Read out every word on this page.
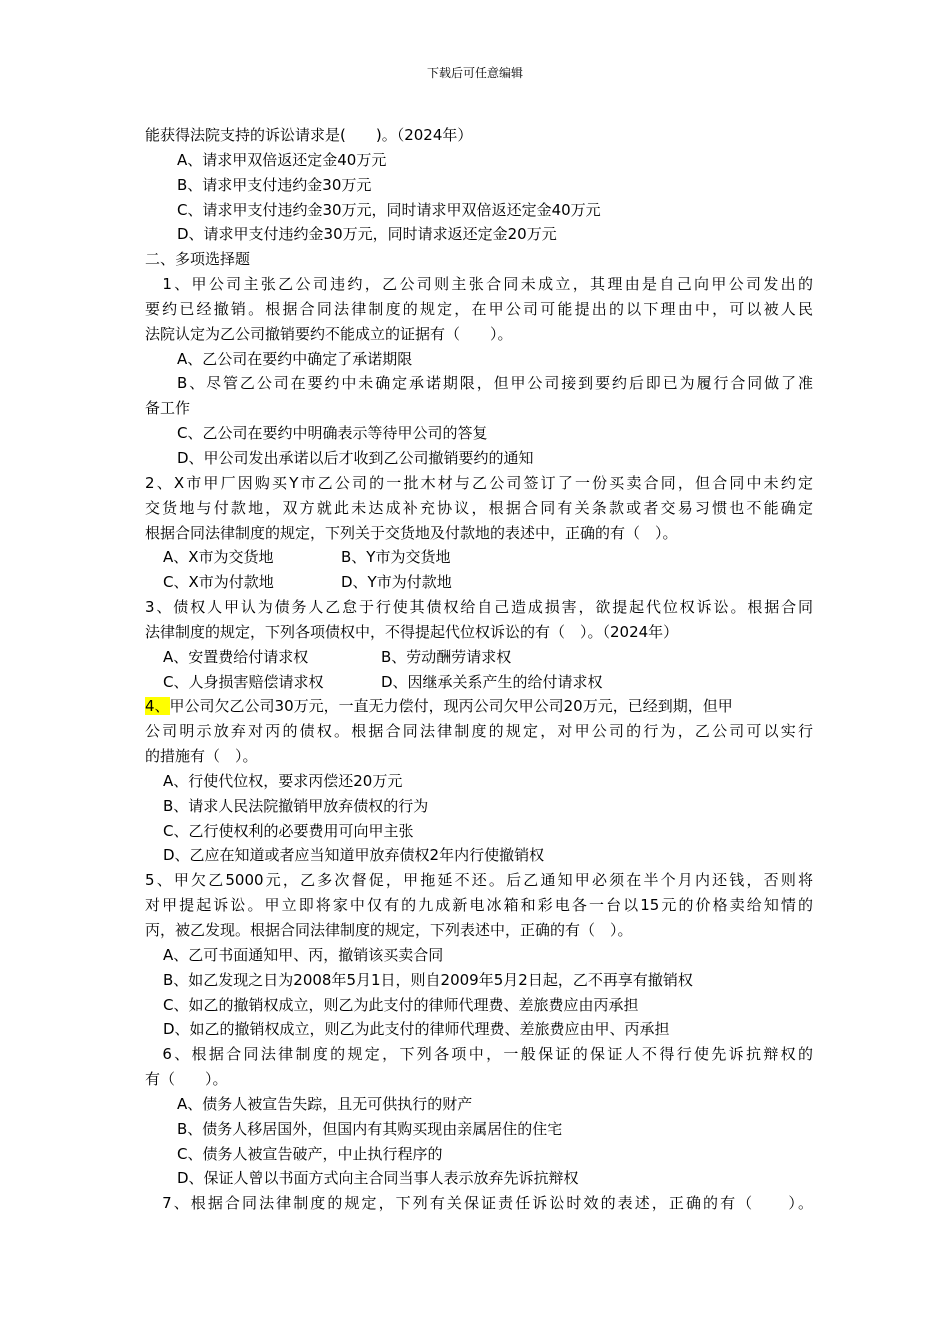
下载后可任意编辑
能获得法院支持的诉讼请求是(　　)。（2024年）
A、请求甲双倍返还定金40万元
B、请求甲支付违约金30万元
C、请求甲支付违约金30万元，同时请求甲双倍返还定金40万元
D、请求甲支付违约金30万元，同时请求返还定金20万元
二、多项选择题
　1、甲公司主张乙公司违约，乙公司则主张合同未成立，其理由是自己向甲公司发出的
要约已经撤销。根据合同法律制度的规定，在甲公司可能提出的以下理由中，可以被人民
法院认定为乙公司撤销要约不能成立的证据有（　　）。
A、乙公司在要约中确定了承诺期限
B、尽管乙公司在要约中未确定承诺期限，但甲公司接到要约后即已为履行合同做了准
备工作
C、乙公司在要约中明确表示等待甲公司的答复
D、甲公司发出承诺以后才收到乙公司撤销要约的通知
2、X市甲厂因购买Y市乙公司的一批木材与乙公司签订了一份买卖合同，但合同中未约定
交货地与付款地，双方就此未达成补充协议，根据合同有关条款或者交易习惯也不能确定
根据合同法律制度的规定，下列关于交货地及付款地的表述中，正确的有（　）。
A、X市为交货地	B、Y市为交货地
C、X市为付款地	D、Y市为付款地
3、债权人甲认为债务人乙怠于行使其债权给自己造成损害，欲提起代位权诉讼。根据合同
法律制度的规定，下列各项债权中，不得提起代位权诉讼的有（　）。（2024年）
A、安置费给付请求权	B、劳动酬劳请求权
C、人身损害赔偿请求权	D、因继承关系产生的给付请求权
4、甲公司欠乙公司30万元，一直无力偿付，现丙公司欠甲公司20万元，已经到期，但甲
公司明示放弃对丙的债权。根据合同法律制度的规定，对甲公司的行为，乙公司可以实行
的措施有（　）。
A、行使代位权，要求丙偿还20万元
B、请求人民法院撤销甲放弃债权的行为
C、乙行使权利的必要费用可向甲主张
D、乙应在知道或者应当知道甲放弃债权2年内行使撤销权
5、甲欠乙5000元，乙多次督促，甲拖延不还。后乙通知甲必须在半个月内还钱，否则将
对甲提起诉讼。甲立即将家中仅有的九成新电冰箱和彩电各一台以15元的价格卖给知情的
丙，被乙发现。根据合同法律制度的规定，下列表述中，正确的有（　）。
A、乙可书面通知甲、丙，撤销该买卖合同
B、如乙发现之日为2008年5月1日，则自2009年5月2日起，乙不再享有撤销权
C、如乙的撤销权成立，则乙为此支付的律师代理费、差旅费应由丙承担
D、如乙的撤销权成立，则乙为此支付的律师代理费、差旅费应由甲、丙承担
　6、根据合同法律制度的规定，下列各项中，一般保证的保证人不得行使先诉抗辩权的
有（　　）。
A、债务人被宣告失踪，且无可供执行的财产
B、债务人移居国外，但国内有其购买现由亲属居住的住宅
C、债务人被宣告破产，中止执行程序的
D、保证人曾以书面方式向主合同当事人表示放弃先诉抗辩权
　7、根据合同法律制度的规定，下列有关保证责任诉讼时效的表述，正确的有（　　）。
